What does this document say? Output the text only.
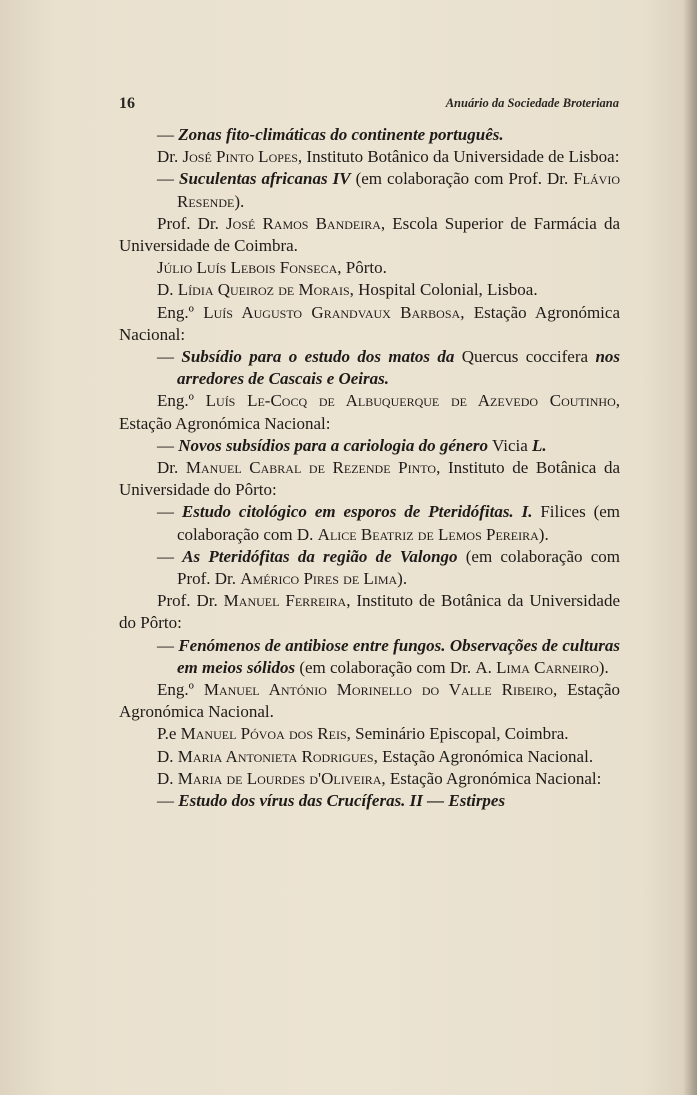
16	Anuário da Sociedade Broteriana

— Zonas fito-climáticas do continente português.

Dr. José Pinto Lopes, Instituto Botânico da Universidade de Lisboa:

— Suculentas africanas IV (em colaboração com Prof. Dr. Flávio Resende).

Prof. Dr. José Ramos Bandeira, Escola Superior de Farmácia da Universidade de Coimbra.

Júlio Luís Lebois Fonseca, Pôrto.

D. Lídia Queiroz de Morais, Hospital Colonial, Lisboa.

Eng.º Luís Augusto Grandvaux Barbosa, Estação Agronómica Nacional:

— Subsídio para o estudo dos matos da Quercus coccifera nos arredores de Cascais e Oeiras.

Eng.º Luís Le-Cocq de Albuquerque de Azevedo Coutinho, Estação Agronómica Nacional:

— Novos subsídios para a cariologia do género Vicia L.

Dr. Manuel Cabral de Rezende Pinto, Instituto de Botânica da Universidade do Pôrto:

— Estudo citológico em esporos de Pteridófitas. I. Filices (em colaboração com D. Alice Beatriz de Lemos Pereira).

— As Pteridófitas da região de Valongo (em colaboração com Prof. Dr. Américo Pires de Lima).

Prof. Dr. Manuel Ferreira, Instituto de Botânica da Universidade do Pôrto:

— Fenómenos de antibiose entre fungos. Observações de culturas em meios sólidos (em colaboração com Dr. A. Lima Carneiro).

Eng.º Manuel António Morinello do Valle Ribeiro, Estação Agronómica Nacional.

P.e Manuel Póvoa dos Reis, Seminário Episcopal, Coimbra.

D. Maria Antonieta Rodrigues, Estação Agronómica Nacional.

D. Maria de Lourdes d'Oliveira, Estação Agronómica Nacional:

— Estudo dos vírus das Crucíferas. II — Estirpes
